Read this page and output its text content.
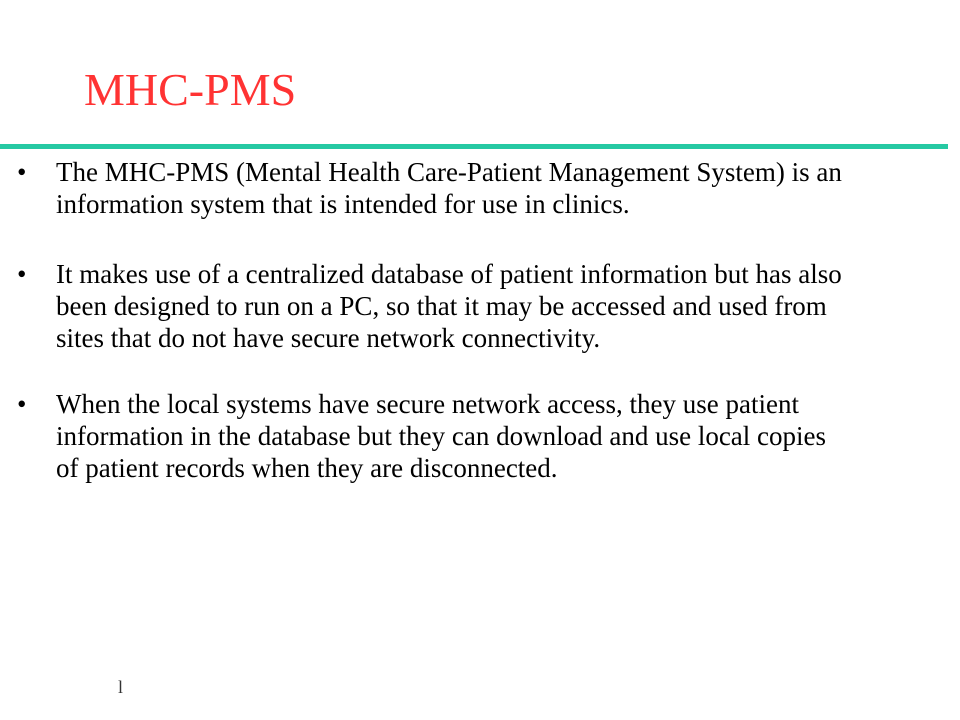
MHC-PMS
• The MHC-PMS (Mental Health Care-Patient Management System) is an information system that is intended for use in clinics.
• It makes use of a centralized database of patient information but has also been designed to run on a PC, so that it may be accessed and used from sites that do not have secure network connectivity.
• When the local systems have secure network access, they use patient information in the database but they can download and use local copies of patient records when they are disconnected.
l
